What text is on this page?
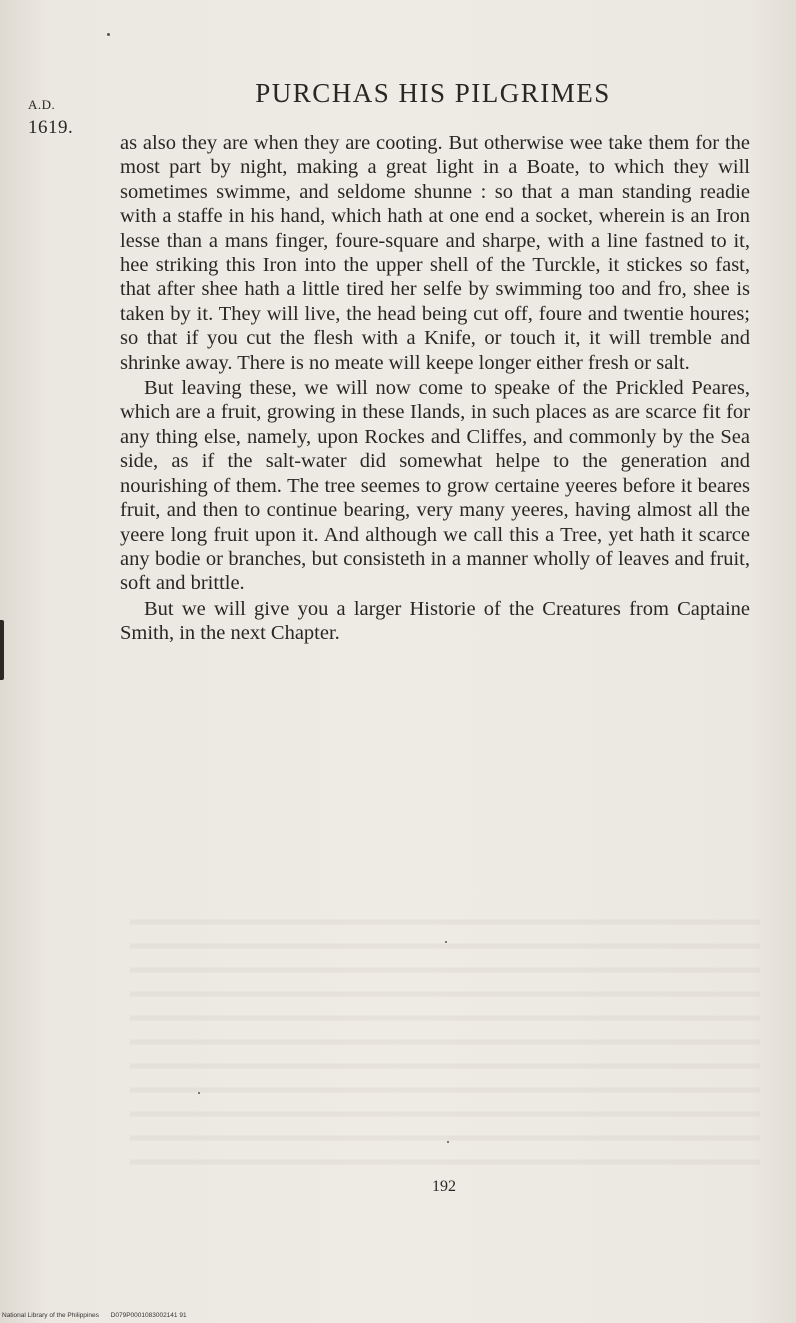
A.D.
1619.
PURCHAS HIS PILGRIMES

as also they are when they are cooting. But otherwise wee take them for the most part by night, making a great light in a Boate, to which they will sometimes swimme, and seldome shunne : so that a man standing readie with a staffe in his hand, which hath at one end a socket, wherein is an Iron lesse than a mans finger, foure-square and sharpe, with a line fastned to it, hee striking this Iron into the upper shell of the Turckle, it stickes so fast, that after shee hath a little tired her selfe by swimming too and fro, shee is taken by it. They will live, the head being cut off, foure and twentie houres; so that if you cut the flesh with a Knife, or touch it, it will tremble and shrinke away. There is no meate will keepe longer either fresh or salt.

But leaving these, we will now come to speake of the Prickled Peares, which are a fruit, growing in these Ilands, in such places as are scarce fit for any thing else, namely, upon Rockes and Cliffes, and commonly by the Sea side, as if the salt-water did somewhat helpe to the generation and nourishing of them. The tree seemes to grow certaine yeeres before it beares fruit, and then to continue bearing, very many yeeres, having almost all the yeere long fruit upon it. And although we call this a Tree, yet hath it scarce any bodie or branches, but consisteth in a manner wholly of leaves and fruit, soft and brittle.

But we will give you a larger Historie of the Creatures from Captaine Smith, in the next Chapter.

192
National Library of the Philippines D079P0001083002141 91
